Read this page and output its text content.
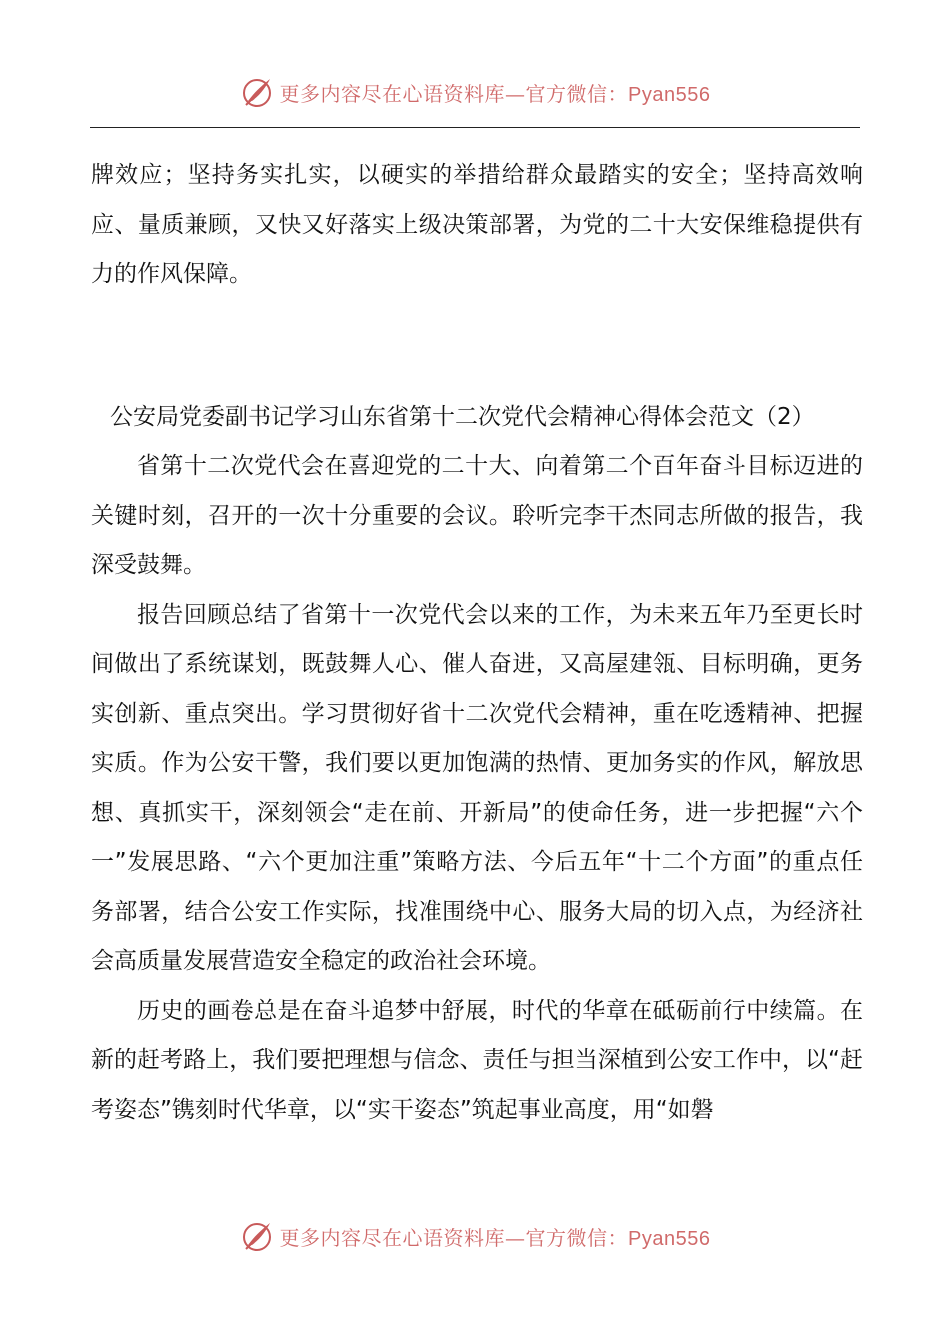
更多内容尽在心语资料库—官方微信：Pyan556

牌效应；坚持务实扎实，以硬实的举措给群众最踏实的安全；坚持高效响应、量质兼顾，又快又好落实上级决策部署，为党的二十大安保维稳提供有力的作风保障。

公安局党委副书记学习山东省第十二次党代会精神心得体会范文（2）

省第十二次党代会在喜迎党的二十大、向着第二个百年奋斗目标迈进的关键时刻，召开的一次十分重要的会议。聆听完李干杰同志所做的报告，我深受鼓舞。

报告回顾总结了省第十一次党代会以来的工作，为未来五年乃至更长时间做出了系统谋划，既鼓舞人心、催人奋进，又高屋建瓴、目标明确，更务实创新、重点突出。学习贯彻好省十二次党代会精神，重在吃透精神、把握实质。作为公安干警，我们要以更加饱满的热情、更加务实的作风，解放思想、真抓实干，深刻领会“走在前、开新局”的使命任务，进一步把握“六个一”发展思路、“六个更加注重”策略方法、今后五年“十二个方面”的重点任务部署，结合公安工作实际，找准围绕中心、服务大局的切入点，为经济社会高质量发展营造安全稳定的政治社会环境。

历史的画卷总是在奋斗追梦中舒展，时代的华章在砥砺前行中续篇。在新的赶考路上，我们要把理想与信念、责任与担当深植到公安工作中，以“赶考姿态”镌刻时代华章，以“实干姿态”筑起事业高度，用“如磐

更多内容尽在心语资料库—官方微信：Pyan556
